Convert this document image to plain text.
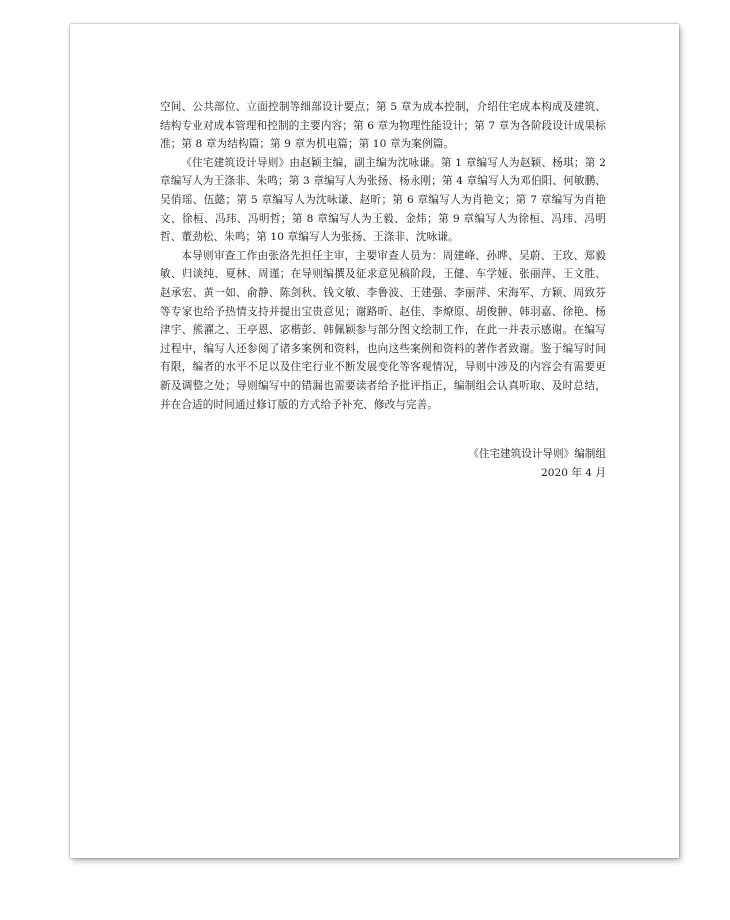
空间、公共部位、立面控制等细部设计要点；第 5 章为成本控制，介绍住宅成本构成及建筑、结构专业对成本管理和控制的主要内容；第 6 章为物理性能设计；第 7 章为各阶段设计成果标准；第 8 章为结构篇；第 9 章为机电篇；第 10 章为案例篇。

《住宅建筑设计导则》由赵颖主编，副主编为沈咏谦。第 1 章编写人为赵颖、杨琪；第 2 章编写人为王涤非、朱鸣；第 3 章编写人为张扬、杨永刚；第 4 章编写人为邓伯阳、何敏鹏、吴俏瑶、伍懿；第 5 章编写人为沈咏谦、赵昕；第 6 章编写人为肖艳文；第 7 章编写为肖艳文、徐桓、冯玮、冯明哲；第 8 章编写人为王毅、金炜；第 9 章编写人为徐桓、冯玮、冯明哲、董劲松、朱鸣；第 10 章编写人为张扬、王涤非、沈咏谦。

本导则审查工作由张洛先担任主审，主要审查人员为：周建峰、孙晔、吴蔚、王玫、郑毅敏、归谈纯、夏林、周谨；在导则编撰及征求意见稿阶段，王健、车学娅、张丽萍、王文胜、赵承宏、黄一如、俞静、陈剑秋、钱文敏、李鲁波、王建强、李丽萍、宋海军、方颖、周致芬等专家也给予热情支持并提出宝贵意见；谢路昕、赵佳、李燎原、胡俊翀、韩羽嘉、徐艳、杨津宇、熊濯之、王亭恩、宓楷彭、韩佩颖参与部分图文绘制工作，在此一并表示感谢。在编写过程中，编写人还参阅了诸多案例和资料，也向这些案例和资料的著作者致谢。鉴于编写时间有限，编者的水平不足以及住宅行业不断发展变化等客观情况，导则中涉及的内容会有需要更新及调整之处；导则编写中的错漏也需要读者给予批评指正，编制组会认真听取、及时总结，并在合适的时间通过修订版的方式给予补充、修改与完善。

《住宅建筑设计导则》编制组
2020 年 4 月
